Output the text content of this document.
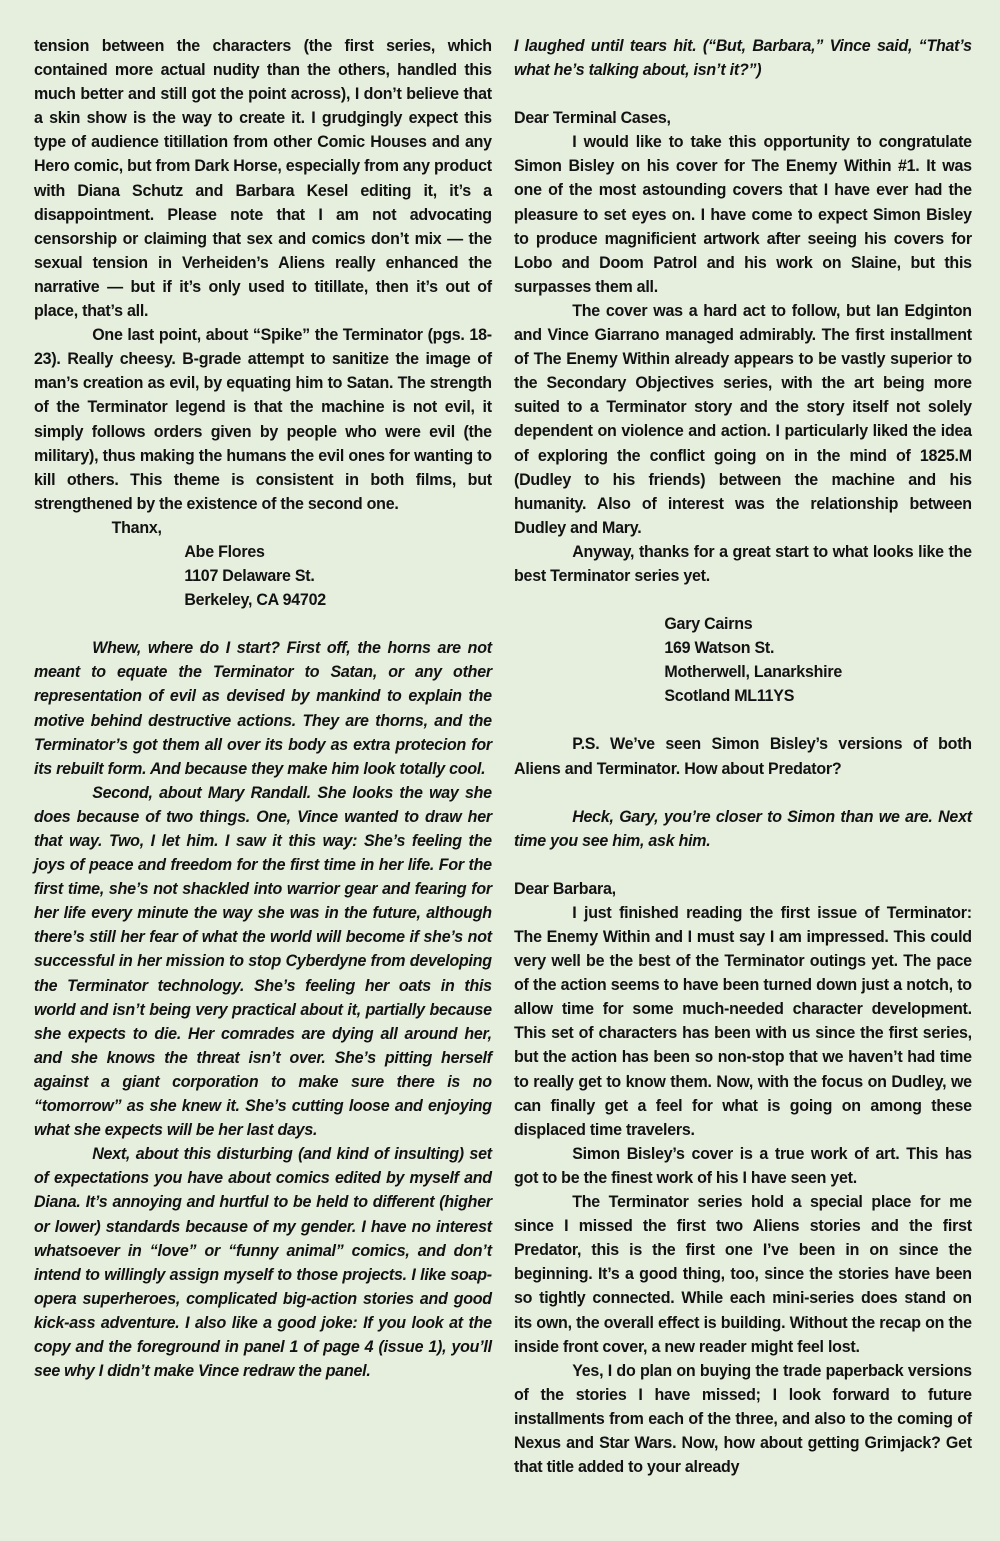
tension between the characters (the first series, which contained more actual nudity than the others, handled this much better and still got the point across), I don’t believe that a skin show is the way to create it. I grudgingly expect this type of audience titillation from other Comic Houses and any Hero comic, but from Dark Horse, especially from any product with Diana Schutz and Barbara Kesel editing it, it’s a disappointment. Please note that I am not advocating censorship or claiming that sex and comics don’t mix — the sexual tension in Verheiden’s Aliens really enhanced the narrative — but if it’s only used to titillate, then it’s out of place, that’s all.

One last point, about “Spike” the Terminator (pgs. 18-23). Really cheesy. B-grade attempt to sanitize the image of man’s creation as evil, by equating him to Satan. The strength of the Terminator legend is that the machine is not evil, it simply follows orders given by people who were evil (the military), thus making the humans the evil ones for wanting to kill others. This theme is consistent in both films, but strengthened by the existence of the second one.

Thanx,

Abe Flores
1107 Delaware St.
Berkeley, CA 94702

Whew, where do I start? First off, the horns are not meant to equate the Terminator to Satan, or any other representation of evil as devised by mankind to explain the motive behind destructive actions. They are thorns, and the Terminator’s got them all over its body as extra protecion for its rebuilt form. And because they make him look totally cool.

Second, about Mary Randall. She looks the way she does because of two things. One, Vince wanted to draw her that way. Two, I let him. I saw it this way: She’s feeling the joys of peace and freedom for the first time in her life. For the first time, she’s not shackled into warrior gear and fearing for her life every minute the way she was in the future, although there’s still her fear of what the world will become if she’s not successful in her mission to stop Cyberdyne from developing the Terminator technology. She’s feeling her oats in this world and isn’t being very practical about it, partially because she expects to die. Her comrades are dying all around her, and she knows the threat isn’t over. She’s pitting herself against a giant corporation to make sure there is no “tomorrow” as she knew it. She’s cutting loose and enjoying what she expects will be her last days.

Next, about this disturbing (and kind of insulting) set of expectations you have about comics edited by myself and Diana. It’s annoying and hurtful to be held to different (higher or lower) standards because of my gender. I have no interest whatsoever in “love” or “funny animal” comics, and don’t intend to willingly assign myself to those projects. I like soap-opera superheroes, complicated big-action stories and good kick-ass adventure. I also like a good joke: If you look at the copy and the foreground in panel 1 of page 4 (issue 1), you’ll see why I didn’t make Vince redraw the panel.

I laughed until tears hit. (“But, Barbara,” Vince said, “That’s what he’s talking about, isn’t it?”)

Dear Terminal Cases,

I would like to take this opportunity to congratulate Simon Bisley on his cover for The Enemy Within #1. It was one of the most astounding covers that I have ever had the pleasure to set eyes on. I have come to expect Simon Bisley to produce magnificient artwork after seeing his covers for Lobo and Doom Patrol and his work on Slaine, but this surpasses them all.

The cover was a hard act to follow, but Ian Edginton and Vince Giarrano managed admirably. The first installment of The Enemy Within already appears to be vastly superior to the Secondary Objectives series, with the art being more suited to a Terminator story and the story itself not solely dependent on violence and action. I particularly liked the idea of exploring the conflict going on in the mind of 1825.M (Dudley to his friends) between the machine and his humanity. Also of interest was the relationship between Dudley and Mary.

Anyway, thanks for a great start to what looks like the best Terminator series yet.

Gary Cairns
169 Watson St.
Motherwell, Lanarkshire
Scotland ML11YS

P.S. We’ve seen Simon Bisley’s versions of both Aliens and Terminator. How about Predator?

Heck, Gary, you’re closer to Simon than we are. Next time you see him, ask him.

Dear Barbara,

I just finished reading the first issue of Terminator: The Enemy Within and I must say I am impressed. This could very well be the best of the Terminator outings yet. The pace of the action seems to have been turned down just a notch, to allow time for some much-needed character development. This set of characters has been with us since the first series, but the action has been so non-stop that we haven’t had time to really get to know them. Now, with the focus on Dudley, we can finally get a feel for what is going on among these displaced time travelers.

Simon Bisley’s cover is a true work of art. This has got to be the finest work of his I have seen yet.

The Terminator series hold a special place for me since I missed the first two Aliens stories and the first Predator, this is the first one I’ve been in on since the beginning. It’s a good thing, too, since the stories have been so tightly connected. While each mini-series does stand on its own, the overall effect is building. Without the recap on the inside front cover, a new reader might feel lost.

Yes, I do plan on buying the trade paperback versions of the stories I have missed; I look forward to future installments from each of the three, and also to the coming of Nexus and Star Wars. Now, how about getting Grimjack? Get that title added to your already
